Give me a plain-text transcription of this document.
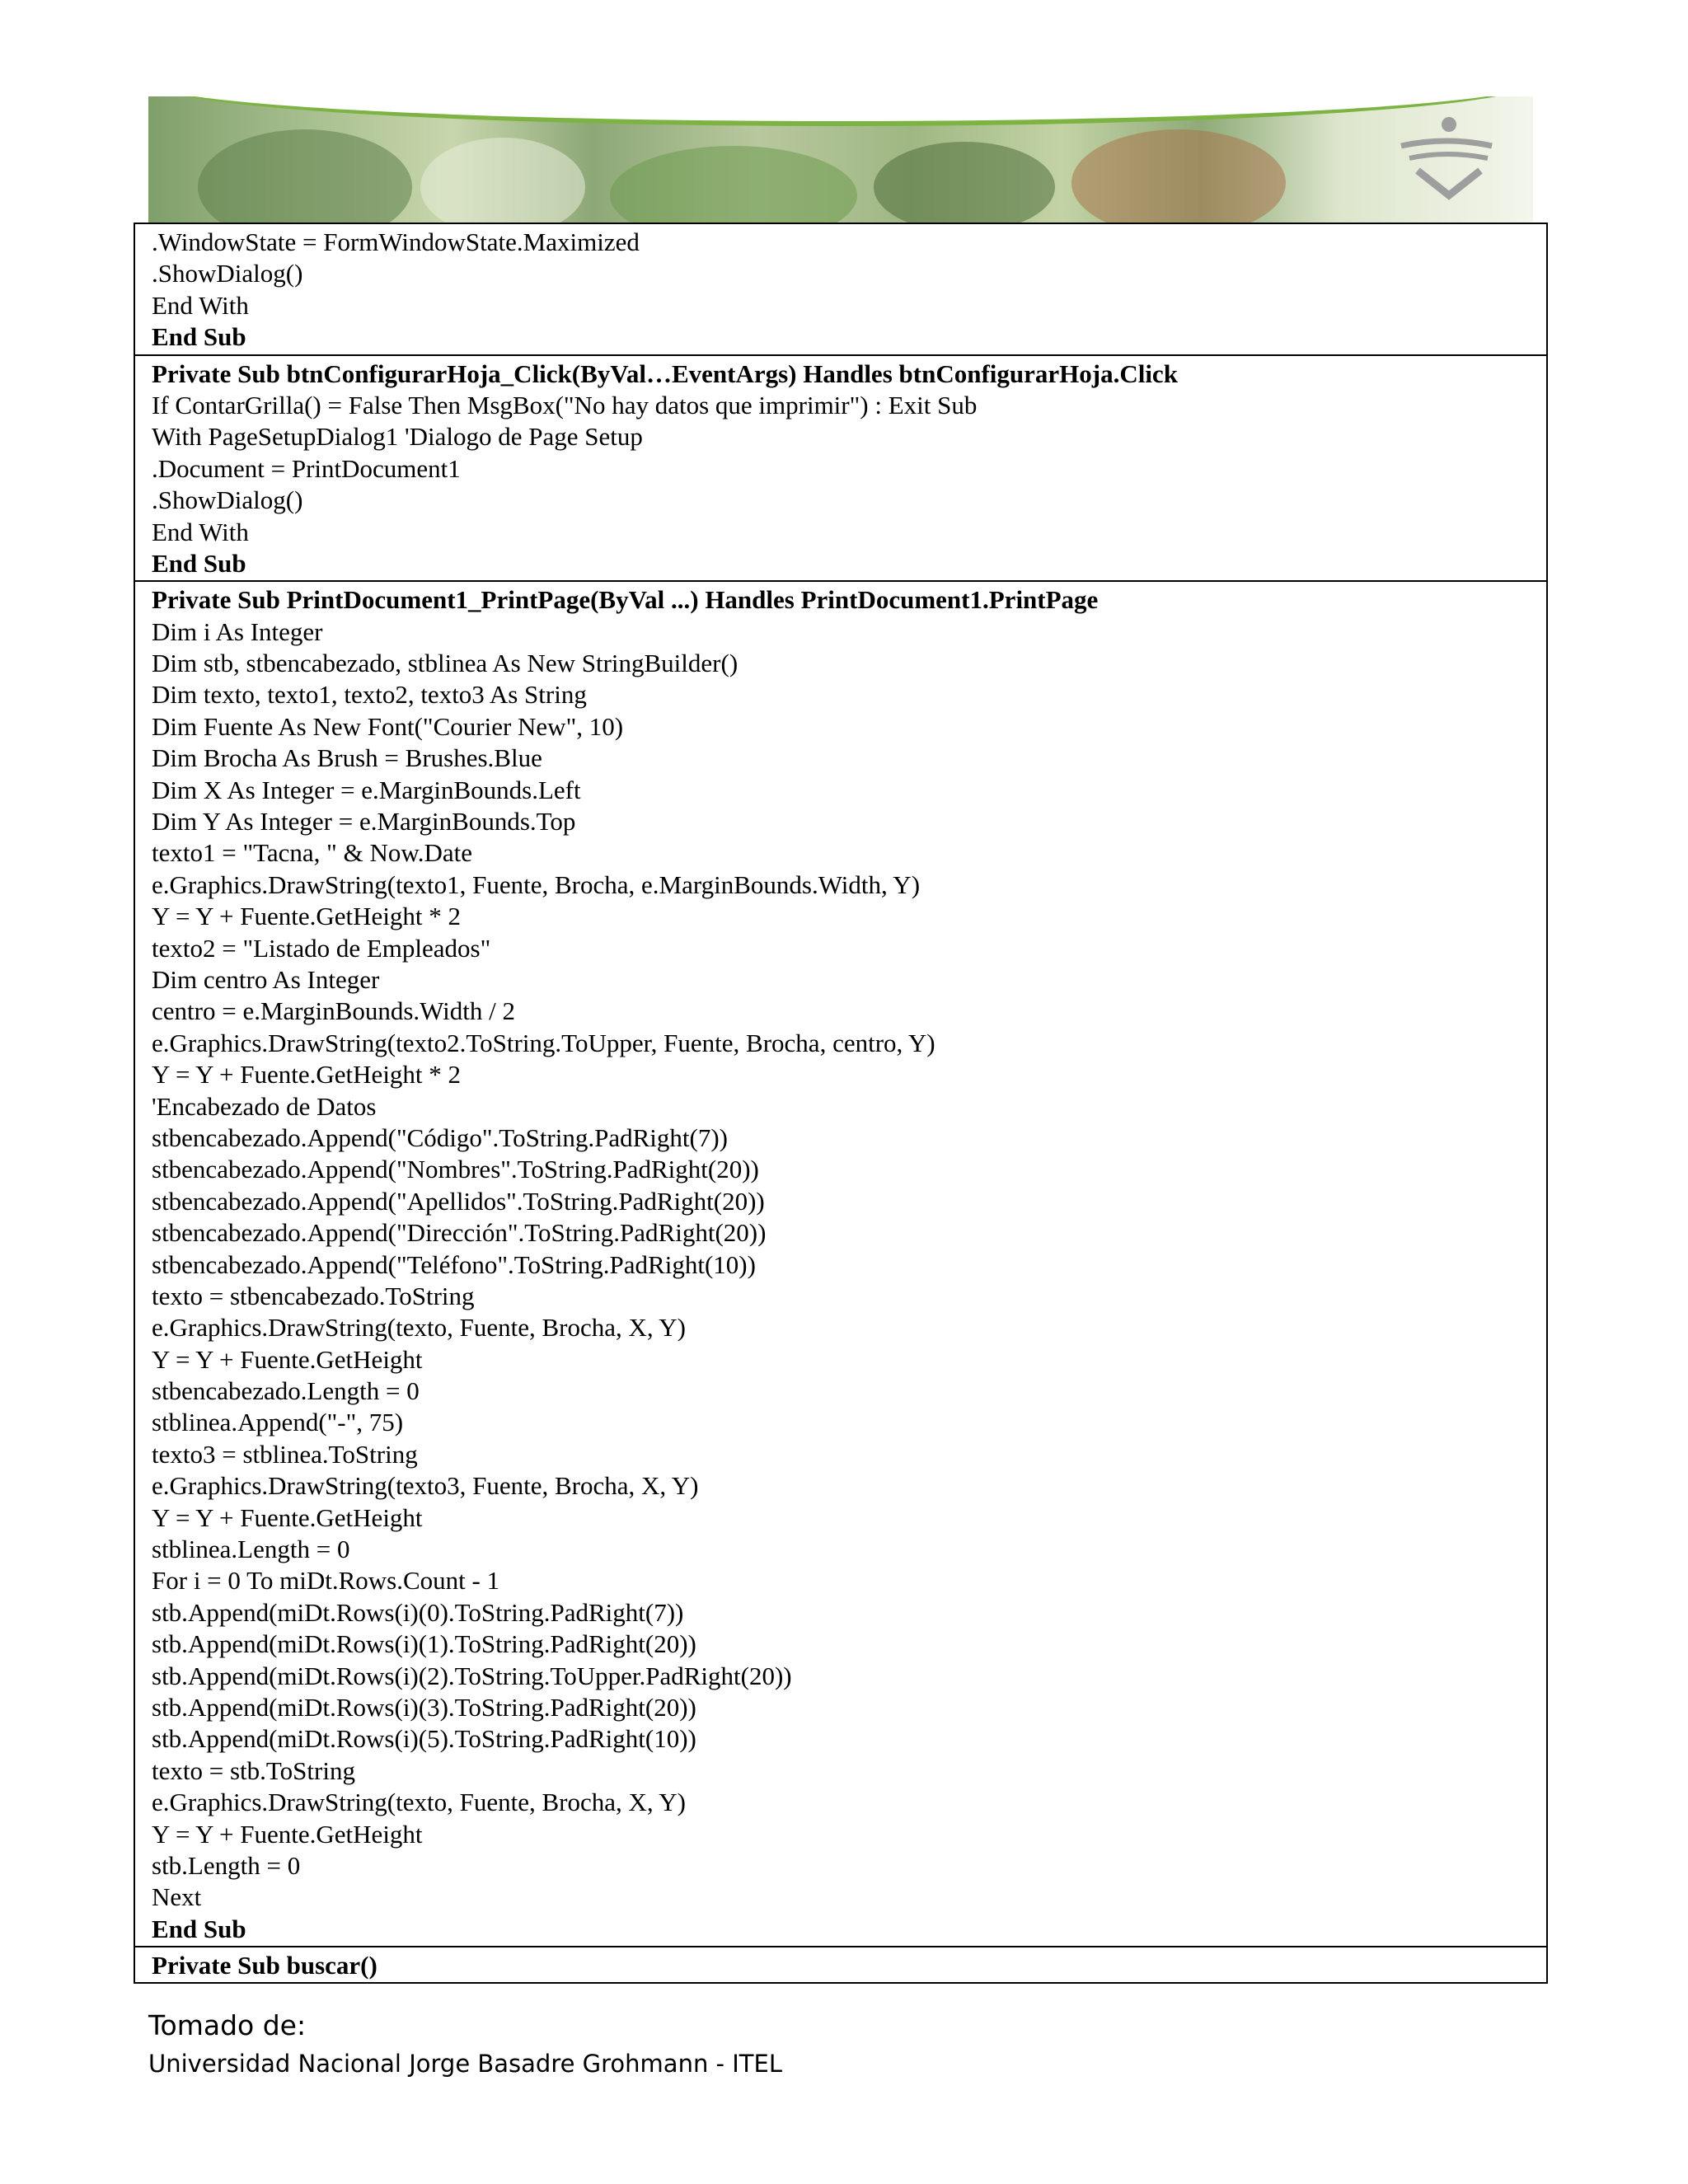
.WindowState = FormWindowState.Maximized
.ShowDialog()
End With
End Sub

Private Sub btnConfigurarHoja_Click(ByVal…EventArgs) Handles btnConfigurarHoja.Click
If ContarGrilla() = False Then MsgBox("No hay datos que imprimir") : Exit Sub
With PageSetupDialog1 'Dialogo de Page Setup
.Document = PrintDocument1
.ShowDialog()
End With
End Sub

Private Sub PrintDocument1_PrintPage(ByVal ...) Handles PrintDocument1.PrintPage
Dim i As Integer
Dim stb, stbencabezado, stblinea As New StringBuilder()
Dim texto, texto1, texto2, texto3 As String
Dim Fuente As New Font("Courier New", 10)
Dim Brocha As Brush = Brushes.Blue
Dim X As Integer = e.MarginBounds.Left
Dim Y As Integer = e.MarginBounds.Top
texto1 = "Tacna, " & Now.Date
e.Graphics.DrawString(texto1, Fuente, Brocha, e.MarginBounds.Width, Y)
Y = Y + Fuente.GetHeight * 2
texto2 = "Listado de Empleados"
Dim centro As Integer
centro = e.MarginBounds.Width / 2
e.Graphics.DrawString(texto2.ToString.ToUpper, Fuente, Brocha, centro, Y)
Y = Y + Fuente.GetHeight * 2
'Encabezado de Datos
stbencabezado.Append("Código".ToString.PadRight(7))
stbencabezado.Append("Nombres".ToString.PadRight(20))
stbencabezado.Append("Apellidos".ToString.PadRight(20))
stbencabezado.Append("Dirección".ToString.PadRight(20))
stbencabezado.Append("Teléfono".ToString.PadRight(10))
texto = stbencabezado.ToString
e.Graphics.DrawString(texto, Fuente, Brocha, X, Y)
Y = Y + Fuente.GetHeight
stbencabezado.Length = 0
stblinea.Append("-", 75)
texto3 = stblinea.ToString
e.Graphics.DrawString(texto3, Fuente, Brocha, X, Y)
Y = Y + Fuente.GetHeight
stblinea.Length = 0
For i = 0 To miDt.Rows.Count - 1
stb.Append(miDt.Rows(i)(0).ToString.PadRight(7))
stb.Append(miDt.Rows(i)(1).ToString.PadRight(20))
stb.Append(miDt.Rows(i)(2).ToString.ToUpper.PadRight(20))
stb.Append(miDt.Rows(i)(3).ToString.PadRight(20))
stb.Append(miDt.Rows(i)(5).ToString.PadRight(10))
texto = stb.ToString
e.Graphics.DrawString(texto, Fuente, Brocha, X, Y)
Y = Y + Fuente.GetHeight
stb.Length = 0
Next
End Sub

Private Sub buscar()
Tomado de:
Universidad Nacional Jorge Basadre Grohmann - ITEL
